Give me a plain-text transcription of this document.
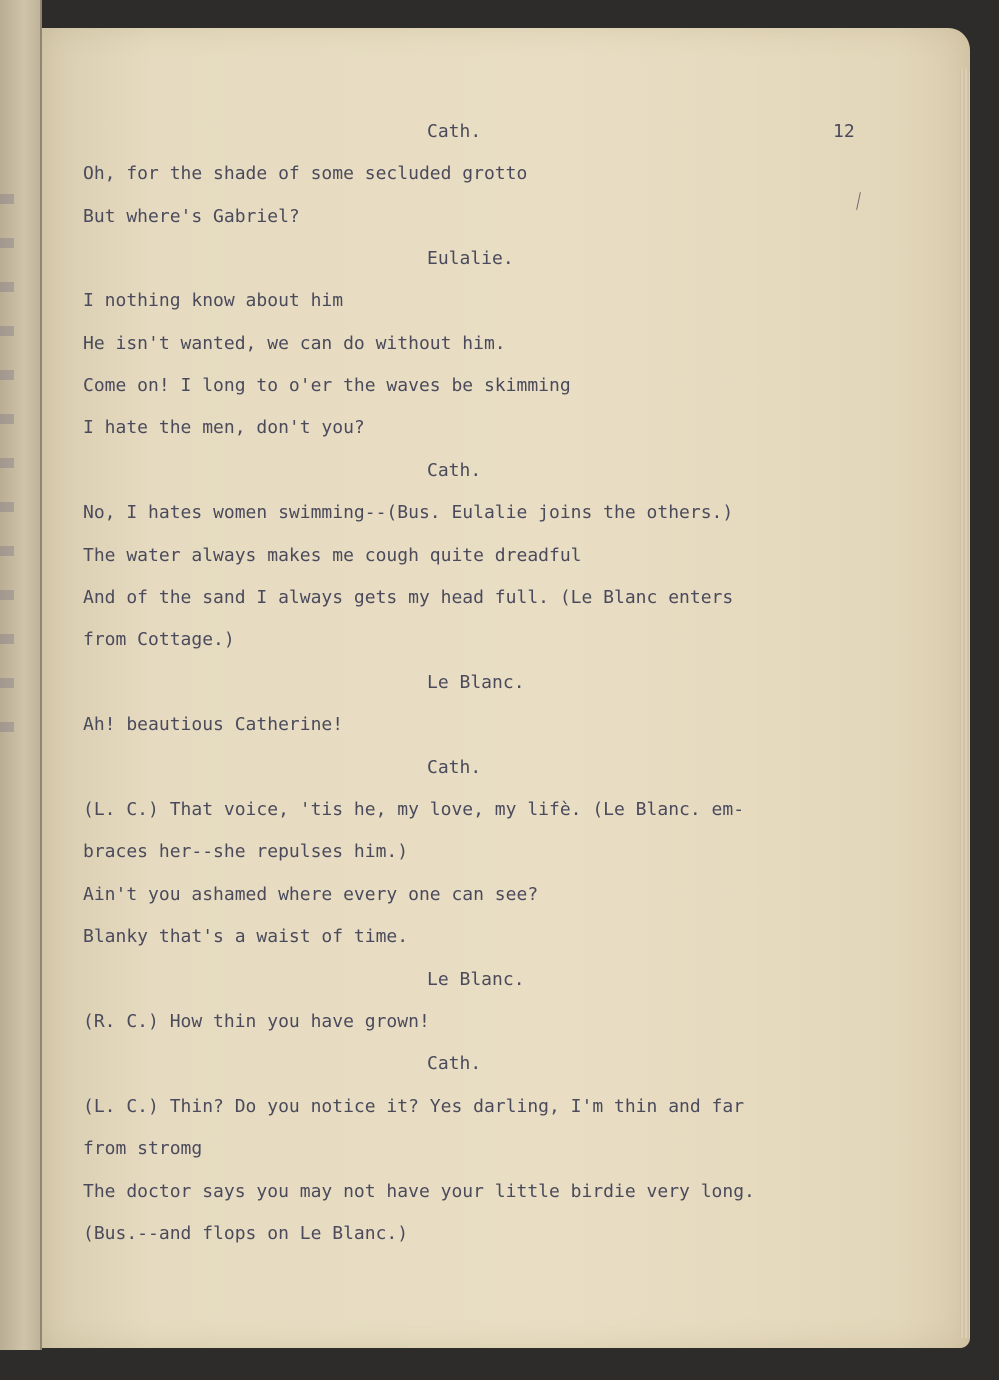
12
Cath.
Oh, for the shade of some secluded grotto
But where's Gabriel?
Eulalie.
I nothing know about him
He isn't wanted, we can do without him.
Come on! I long to o'er the waves be skimming
I hate the men, don't you?
Cath.
No, I hates women swimming--(Bus. Eulalie joins the others.)
The water always makes me cough quite dreadful
And of the sand I always gets my head full. (Le Blanc enters
from Cottage.)
Le Blanc.
Ah! beautious Catherine!
Cath.
(L. C.) That voice, 'tis he, my love, my lifè. (Le Blanc. em-
braces her--she repulses him.)
Ain't you ashamed where every one can see?
Blanky that's a waist of time.
Le Blanc.
(R. C.) How thin you have grown!
Cath.
(L. C.) Thin? Do you notice it? Yes darling, I'm thin and far
from stromg
The doctor says you may not have your little birdie very long.
(Bus.--and flops on Le Blanc.)
